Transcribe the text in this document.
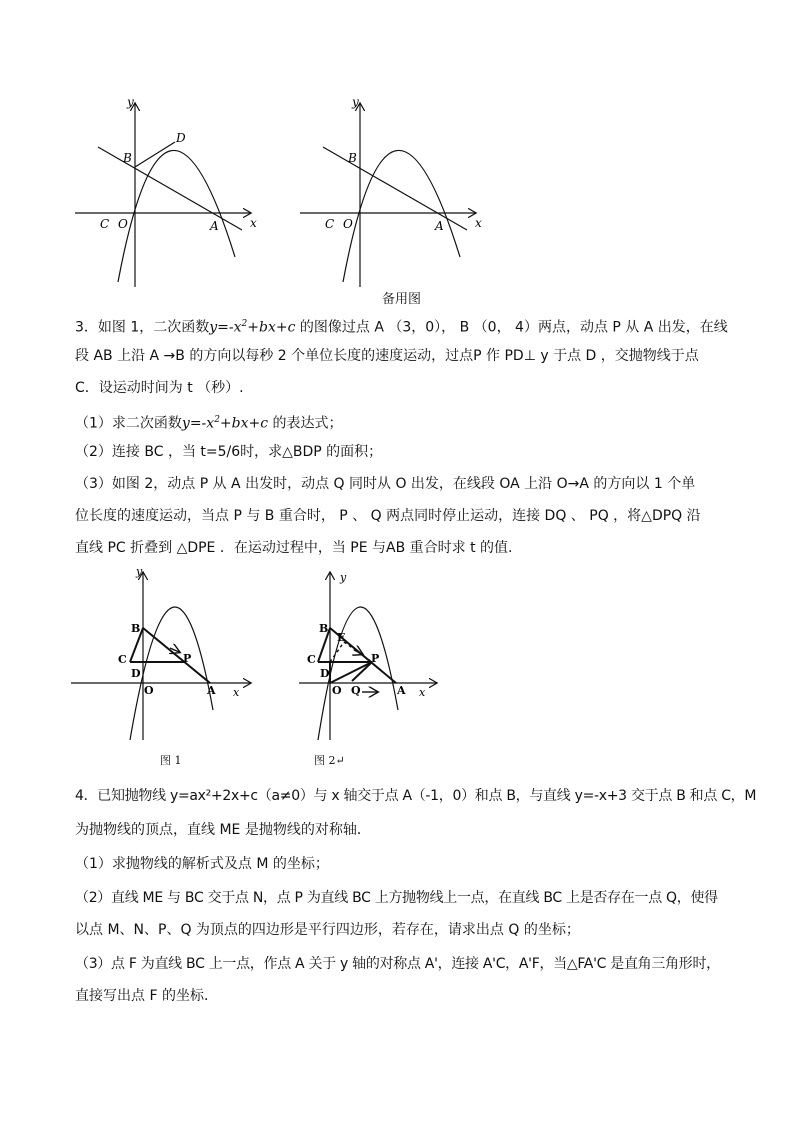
y
x
B
D
C O	A
y
x
B
C O	A
备用图
3．如图 1，二次函数$y=-x^2+bx+c$ 的图像过点 A （3，0）， B （0， 4）两点，动点 P 从 A 出发，在线
段 AB 上沿 A →B 的方向以每秒 2 个单位长度的速度运动，过点P 作 PD⊥ y 于点 D ，交抛物线于点
C．设运动时间为 t （秒）.
（1）求二次函数$y=-x^2+bx+c$ 的表达式；
（2）连接 BC ，当 t=5/6时，求△BDP 的面积；
（3）如图 2，动点 P 从 A 出发时，动点 Q 同时从 O 出发，在线段 OA 上沿 O→A 的方向以 1 个单
位长度的速度运动，当点 P 与 B 重合时， P 、 Q 两点同时停止运动，连接 DQ 、 PQ ，将△DPQ 沿
直线 PC 折叠到 △DPE ．在运动过程中，当 PE 与AB 重合时求 t 的值.
y
x
B
C
D
O	A
P
图 1
y
x
B
E
C
D
O Q	A
P
图 2↵
4．已知抛物线 y=ax²+2x+c（a≠0）与 x 轴交于点 A（-1，0）和点 B，与直线 y=-x+3 交于点 B 和点 C，M
为抛物线的顶点，直线 ME 是抛物线的对称轴．
（1）求抛物线的解析式及点 M 的坐标；
（2）直线 ME 与 BC 交于点 N，点 P 为直线 BC 上方抛物线上一点，在直线 BC 上是否存在一点 Q，使得
以点 M、N、P、Q 为顶点的四边形是平行四边形，若存在，请求出点 Q 的坐标；
（3）点 F 为直线 BC 上一点，作点 A 关于 y 轴的对称点 A'，连接 A'C，A'F，当△FA'C 是直角三角形时，
直接写出点 F 的坐标．
